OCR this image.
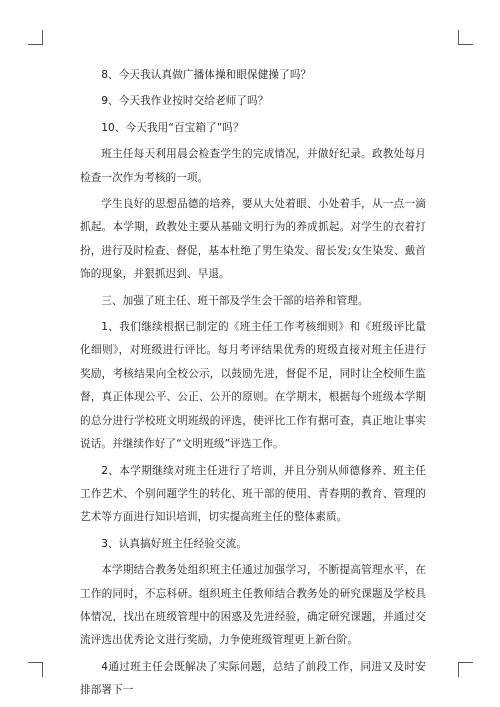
8、今天我认真做广播体操和眼保健操了吗？

9、今天我作业按时交给老师了吗？

10、今天我用“百宝箱了”吗？

班主任每天利用晨会检查学生的完成情况，并做好纪录。政教处每月检查一次作为考核的一项。

学生良好的思想品德的培养，要从大处着眼、小处着手，从一点一滴抓起。本学期，政教处主要从基础文明行为的养成抓起。对学生的衣着打扮，进行及时检查、督促，基本杜绝了男生染发、留长发;女生染发、戴首饰的现象，并狠抓迟到、早退。

三、加强了班主任、班干部及学生会干部的培养和管理。

1、我们继续根据已制定的《班主任工作考核细则》和《班级评比量化细则》，对班级进行评比。每月考评结果优秀的班级直接对班主任进行奖励，考核结果向全校公示，以鼓励先进，督促不足，同时让全校师生监督，真正体现公平、公正、公开的原则。在学期末，根据每个班级本学期的总分进行学校班文明班级的评选，使评比工作有据可查，真正地让事实说话。并继续作好了“文明班级”评选工作。

2、本学期继续对班主任进行了培训，并且分别从师德修养、班主任工作艺术、个别问题学生的转化、班干部的使用、青春期的教育、管理的艺术等方面进行知识培训，切实提高班主任的整体素质。

3、认真搞好班主任经验交流。

本学期结合教务处组织班主任通过加强学习，不断提高管理水平，在工作的同时，不忘科研。组织班主任教师结合教务处的研究课题及学校具体情况，找出在班级管理中的困惑及先进经验，确定研究课题，并通过交流评选出优秀论文进行奖励，力争使班级管理更上新台阶。

4通过班主任会既解决了实际问题，总结了前段工作，同进又及时安排部署下一
